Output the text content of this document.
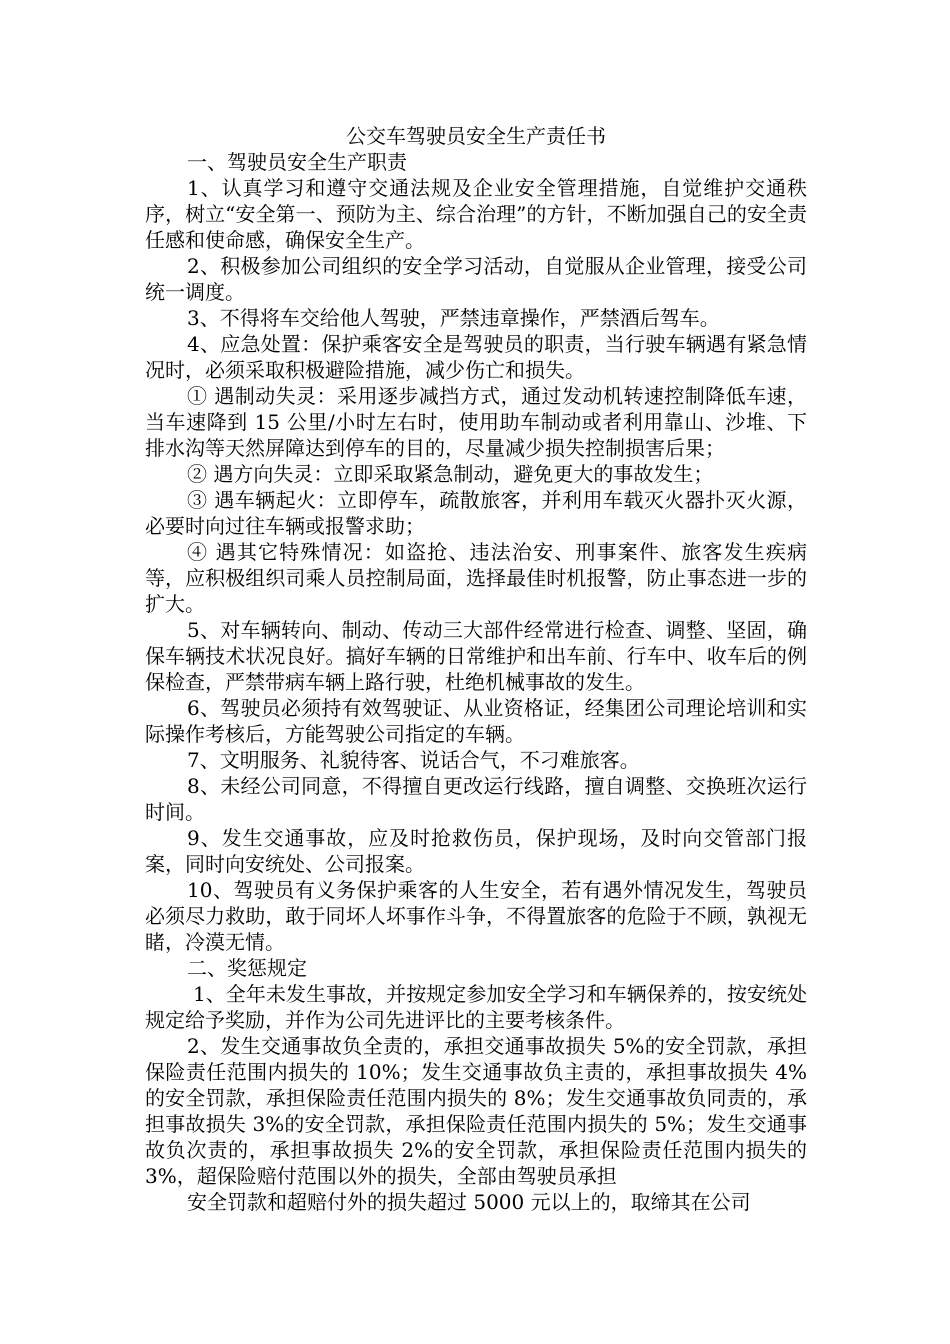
公交车驾驶员安全生产责任书

一、驾驶员安全生产职责

1、认真学习和遵守交通法规及企业安全管理措施，自觉维护交通秩序，树立“安全第一、预防为主、综合治理”的方针，不断加强自己的安全责任感和使命感，确保安全生产。

2、积极参加公司组织的安全学习活动，自觉服从企业管理，接受公司统一调度。

3、不得将车交给他人驾驶，严禁违章操作，严禁酒后驾车。

4、应急处置：保护乘客安全是驾驶员的职责，当行驶车辆遇有紧急情况时，必须采取积极避险措施，减少伤亡和损失。

① 遇制动失灵：采用逐步减挡方式，通过发动机转速控制降低车速，当车速降到 15 公里/小时左右时，使用助车制动或者利用靠山、沙堆、下排水沟等天然屏障达到停车的目的，尽量减少损失控制损害后果；

② 遇方向失灵：立即采取紧急制动，避免更大的事故发生；

③ 遇车辆起火：立即停车，疏散旅客，并利用车载灭火器扑灭火源，必要时向过往车辆或报警求助；

④ 遇其它特殊情况：如盗抢、违法治安、刑事案件、旅客发生疾病等，应积极组织司乘人员控制局面，选择最佳时机报警，防止事态进一步的扩大。

5、对车辆转向、制动、传动三大部件经常进行检查、调整、坚固，确保车辆技术状况良好。搞好车辆的日常维护和出车前、行车中、收车后的例保检查，严禁带病车辆上路行驶，杜绝机械事故的发生。

6、驾驶员必须持有效驾驶证、从业资格证，经集团公司理论培训和实际操作考核后，方能驾驶公司指定的车辆。

7、文明服务、礼貌待客、说话合气，不刁难旅客。

8、未经公司同意，不得擅自更改运行线路，擅自调整、交换班次运行时间。

9、发生交通事故，应及时抢救伤员，保护现场，及时向交管部门报案，同时向安统处、公司报案。

10、驾驶员有义务保护乘客的人生安全，若有遇外情况发生，驾驶员必须尽力救助，敢于同坏人坏事作斗争，不得置旅客的危险于不顾，孰视无睹，冷漠无情。

二、奖惩规定

1、全年未发生事故，并按规定参加安全学习和车辆保养的，按安统处规定给予奖励，并作为公司先进评比的主要考核条件。

2、发生交通事故负全责的，承担交通事故损失 5%的安全罚款，承担保险责任范围内损失的 10%；发生交通事故负主责的，承担事故损失 4%的安全罚款，承担保险责任范围内损失的 8%；发生交通事故负同责的，承担事故损失 3%的安全罚款，承担保险责任范围内损失的 5%；发生交通事故负次责的，承担事故损失 2%的安全罚款，承担保险责任范围内损失的 3%，超保险赔付范围以外的损失，全部由驾驶员承担

安全罚款和超赔付外的损失超过 5000 元以上的，取缔其在公司
